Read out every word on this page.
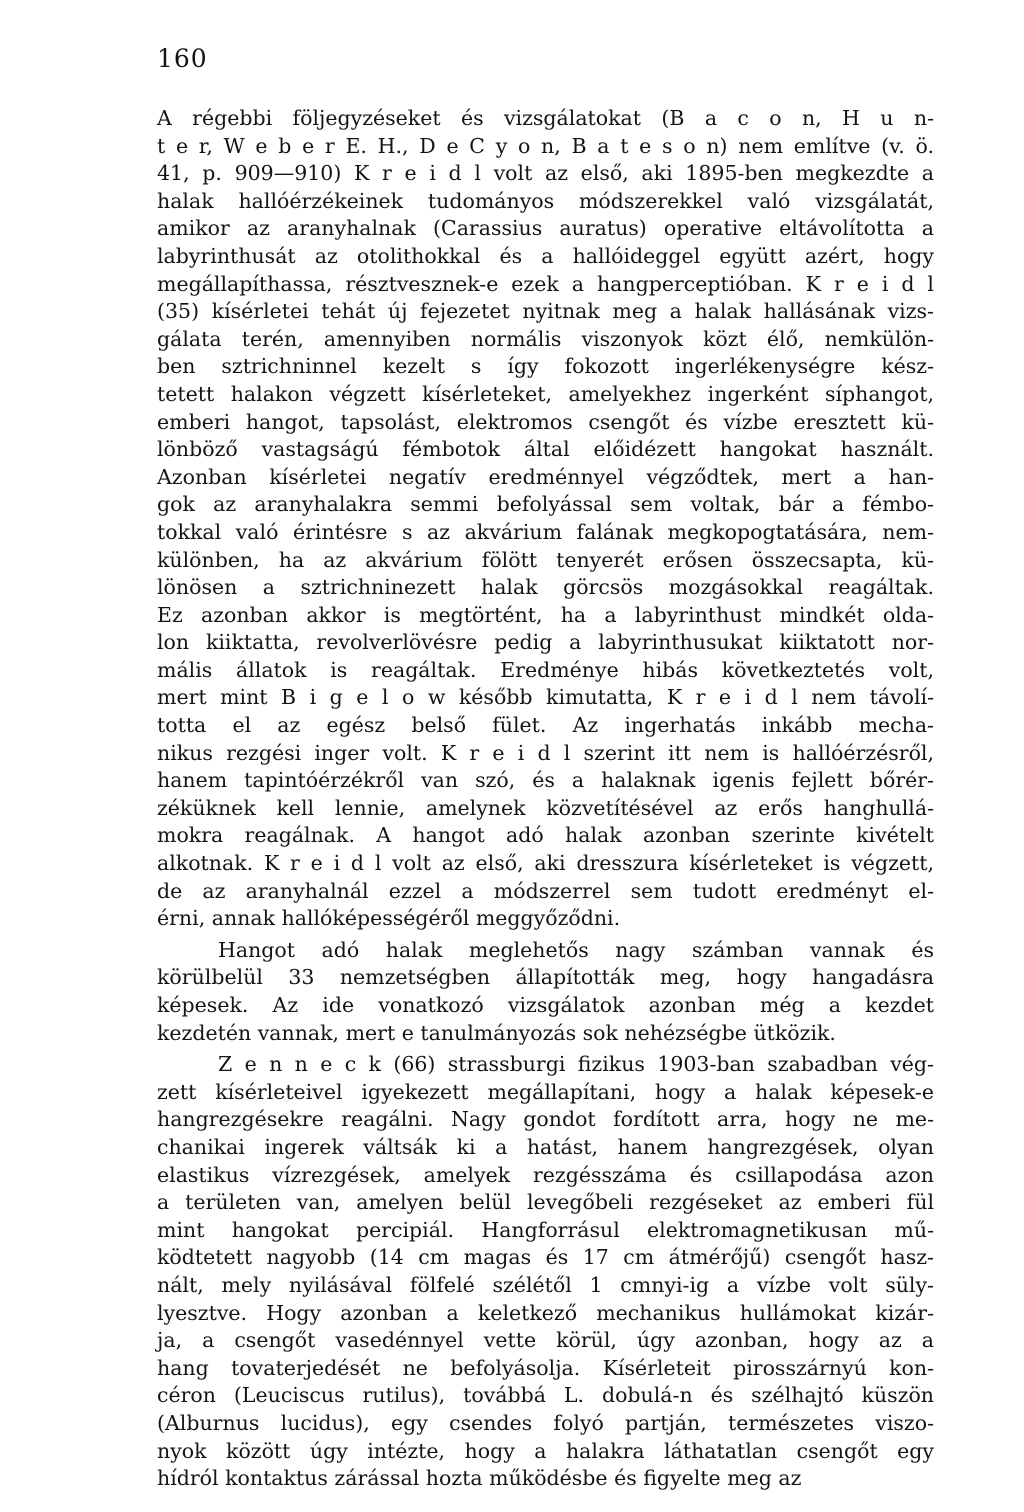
160
A régebbi följegyzéseket és vizsgálatokat (B a c o n, H u n-
t e r, W e b e r E. H., D e C y o n, B a t e s o n) nem említve (v. ö.
41, p. 909—910) K r e i d l volt az első, aki 1895-ben megkezdte a
halak hallóérzékeinek tudományos módszerekkel való vizsgálatát,
amikor az aranyhalnak (Carassius auratus) operative eltávolította a
labyrinthusát az otolithokkal és a hallóideggel együtt azért, hogy
megállapíthassa, résztvesznek-e ezek a hangperceptióban. K r e i d l
(35) kísérletei tehát új fejezetet nyitnak meg a halak hallásának vizs-
gálata terén, amennyiben normális viszonyok közt élő, nemkülön-
ben sztrichninnel kezelt s így fokozott ingerlékenységre kész-
tetett halakon végzett kísérleteket, amelyekhez ingerként síphangot,
emberi hangot, tapsolást, elektromos csengőt és vízbe eresztett kü-
lönböző vastagságú fémbotok által előidézett hangokat használt.
Azonban kísérletei negatív eredménnyel végződtek, mert a han-
gok az aranyhalakra semmi befolyással sem voltak, bár a fémbo-
tokkal való érintésre s az akvárium falának megkopogtatására, nem-
különben, ha az akvárium fölött tenyerét erősen összecsapta, kü-
lönösen a sztrichninezett halak görcsös mozgásokkal reagáltak.
Ez azonban akkor is megtörtént, ha a labyrinthust mindkét olda-
lon kiiktatta, revolverlövésre pedig a labyrinthusukat kiiktatott nor-
mális állatok is reagáltak. Eredménye hibás következtetés volt,
mert mint B i g e l o w később kimutatta, K r e i d l nem távolí-
totta el az egész belső fület. Az ingerhatás inkább mecha-
nikus rezgési inger volt. K r e i d l szerint itt nem is hallóérzésről,
hanem tapintóérzékről van szó, és a halaknak igenis fejlett bőrér-
zéküknek kell lennie, amelynek közvetítésével az erős hanghullá-
mokra reagálnak. A hangot adó halak azonban szerinte kivételt
alkotnak. K r e i d l volt az első, aki dresszura kísérleteket is végzett,
de az aranyhalnál ezzel a módszerrel sem tudott eredményt el-
érni, annak hallóképességéről meggyőződni.
Hangot adó halak meglehetős nagy számban vannak és
körülbelül 33 nemzetségben állapították meg, hogy hangadásra
képesek. Az ide vonatkozó vizsgálatok azonban még a kezdet
kezdetén vannak, mert e tanulmányozás sok nehézségbe ütközik.
Z e n n e c k (66) strassburgi fizikus 1903-ban szabadban vég-
zett kísérleteivel igyekezett megállapítani, hogy a halak képesek-e
hangrezgésekre reagálni. Nagy gondot fordított arra, hogy ne me-
chanikai ingerek váltsák ki a hatást, hanem hangrezgések, olyan
elastikus vízrezgések, amelyek rezgésszáma és csillapodása azon
a területen van, amelyen belül levegőbeli rezgéseket az emberi fül
mint hangokat percipiál. Hangforrásul elektromagnetikusan mű-
ködtetett nagyobb (14 cm magas és 17 cm átmérőjű) csengőt hasz-
nált, mely nyilásával fölfelé szélétől 1 cmnyi-ig a vízbe volt süly-
lyesztve. Hogy azonban a keletkező mechanikus hullámokat kizár-
ja, a csengőt vasedénnyel vette körül, úgy azonban, hogy az a
hang tovaterjedését ne befolyásolja. Kísérleteit pirosszárnyú kon-
céron (Leuciscus rutilus), továbbá L. dobulá-n és szélhajtó küszön
(Alburnus lucidus), egy csendes folyó partján, természetes viszo-
nyok között úgy intézte, hogy a halakra láthatatlan csengőt egy
hídról kontaktus zárással hozta működésbe és figyelte meg az
